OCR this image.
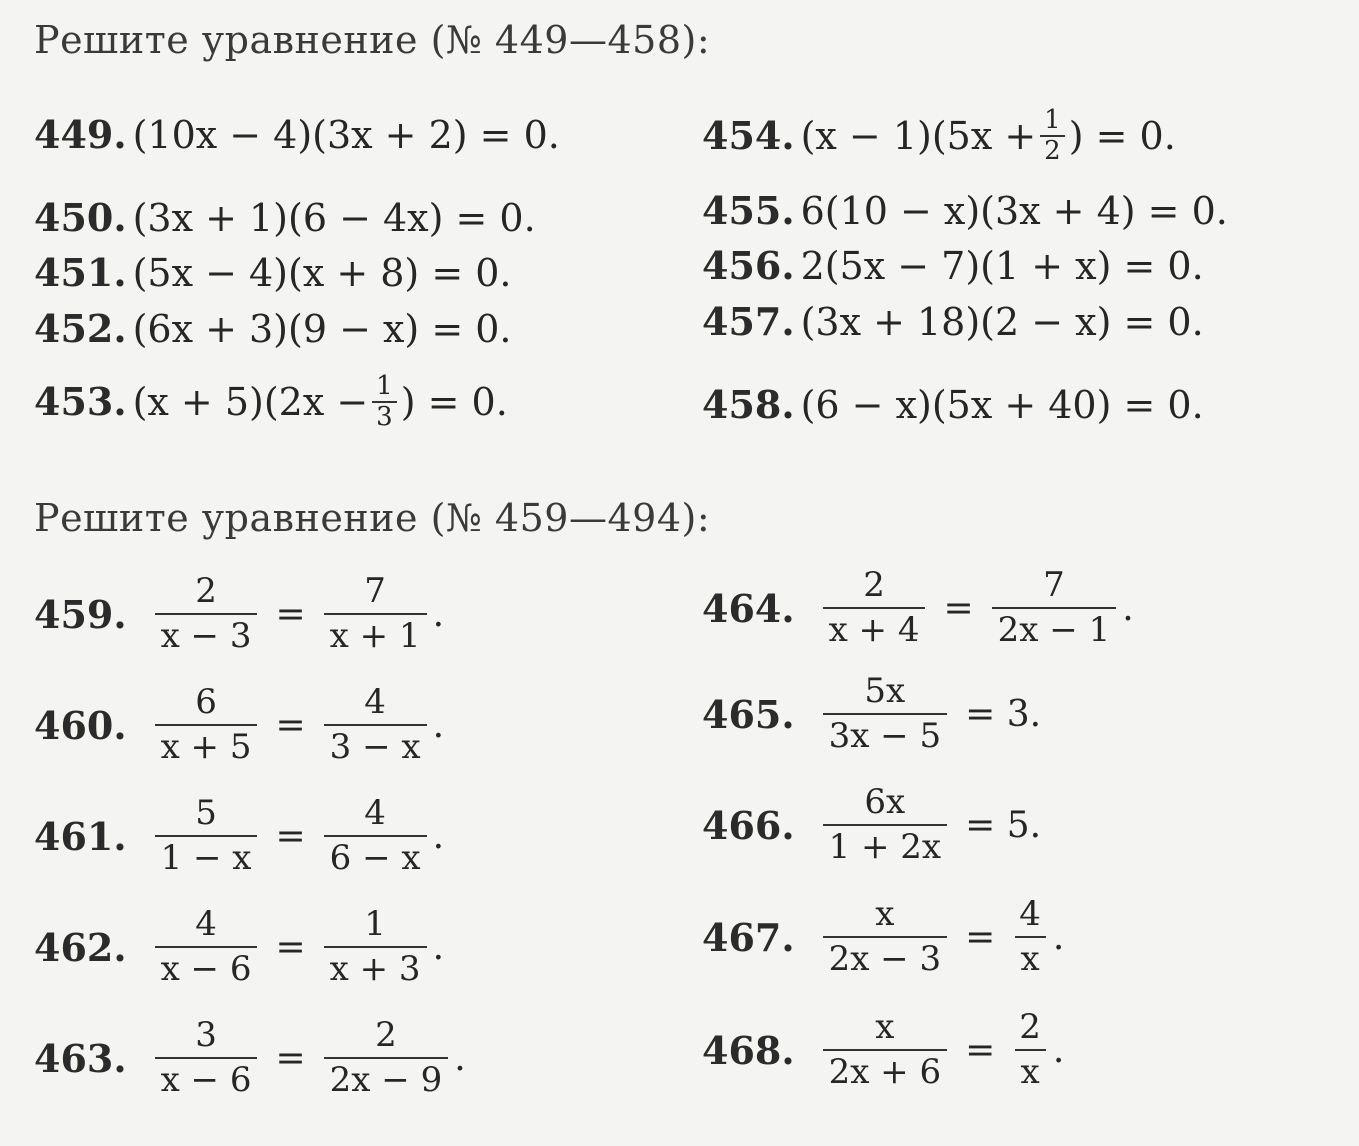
Решите уравнение (№ 449—458):
Решите уравнение (№ 459—494):
449. (10x − 4)(3x + 2) = 0.
450. (3x + 1)(6 − 4x) = 0.
451. (5x − 4)(x + 8) = 0.
452. (6x + 3)(9 − x) = 0.
453. $(x + 5)(2x - \frac{1}{3}$ ) = 0.
454. $(x - 1)(5x + \frac{1}{2}$ ) = 0.
455. 6(10 − x)(3x + 4) = 0.
456. 2(5x − 7)(1 + x) = 0.
457. (3x + 18)(2 − x) = 0.
458. (6 − x)(5x + 40) = 0.
459. $\frac{2}{x - 3} = \frac{7}{x + 1}$ .
460. $\frac{6}{x + 5} = \frac{4}{3 - x}$ .
461. $\frac{5}{1 - x} = \frac{4}{6 - x}$ .
462. $\frac{4}{x - 6} = \frac{1}{x + 3}$ .
463. $\frac{3}{x - 6} = \frac{2}{2x - 9}$ .
464. $\frac{2}{x + 4} = \frac{7}{2x - 1}$ .
465. $\frac{5x}{3x - 5} = 3$.
466. $\frac{6x}{1 + 2x} = 5$.
467. $\frac{x}{2x - 3} = \frac{4}{x}$ .
468. $\frac{x}{2x + 6} = \frac{2}{x}$ .
